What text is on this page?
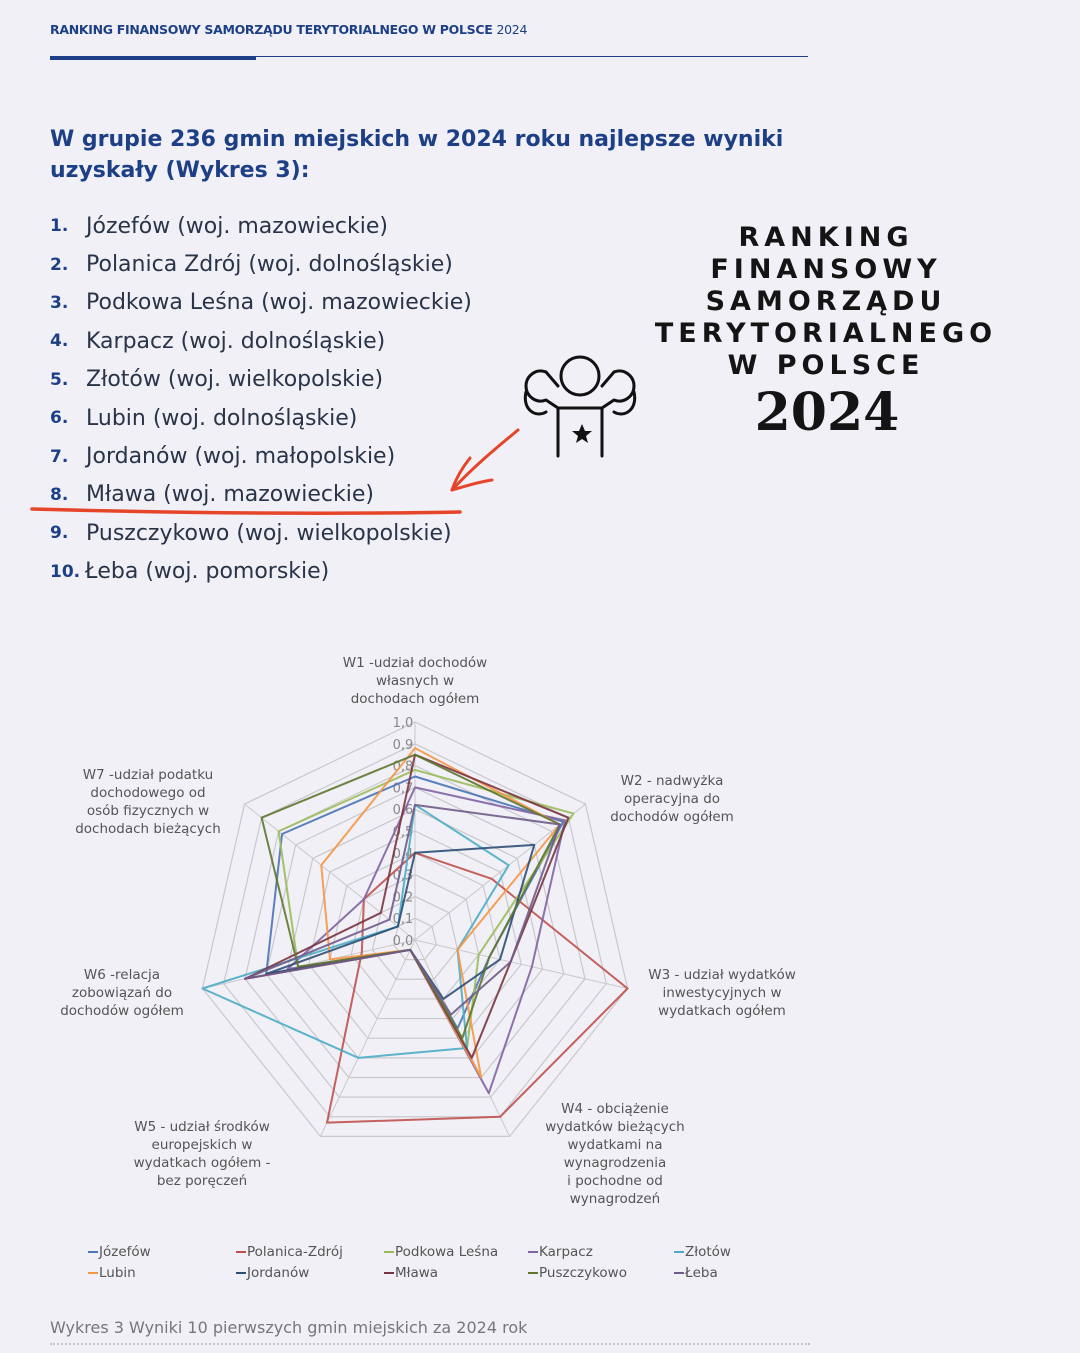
RANKING FINANSOWY SAMORZĄDU TERYTORIALNEGO W POLSCE 2024
W grupie 236 gmin miejskich w 2024 roku najlepsze wyniki uzyskały (Wykres 3):
1. Józefów (woj. mazowieckie)
2. Polanica Zdrój (woj. dolnośląskie)
3. Podkowa Leśna (woj. mazowieckie)
4. Karpacz (woj. dolnośląskie)
5. Złotów (woj. wielkopolskie)
6. Lubin (woj. dolnośląskie)
7. Jordanów (woj. małopolskie)
8. Mława (woj. mazowieckie)
9. Puszczykowo (woj. wielkopolskie)
10. Łeba (woj. pomorskie)
RANKING
FINANSOWY
SAMORZĄDU
TERYTORIALNEGO
W POLSCE
2024
0,0
0,1
0,2
0,3
0,4
0,5
0,6
0,7
0,8
0,9
1,0
W1 -udział dochodów
własnych w
dochodach ogółem
W2 - nadwyżka
operacyjna do
dochodów ogółem
W3 - udział wydatków
inwestycyjnych w
wydatkach ogółem
W4 - obciążenie
wydatków bieżących
wydatkami na
wynagrodzenia
i pochodne od
wynagrodzeń
W5 - udział środków
europejskich w
wydatkach ogółem -
bez poręczeń
W6 -relacja
zobowiązań do
dochodów ogółem
W7 -udział podatku
dochodowego od
osób fizycznych w
dochodach bieżących
Józefów	Polanica-Zdrój	Podkowa Leśna	Karpacz	Złotów
Lubin	Jordanów	Mława	Puszczykowo	Łeba
Wykres 3 Wyniki 10 pierwszych gmin miejskich za 2024 rok
